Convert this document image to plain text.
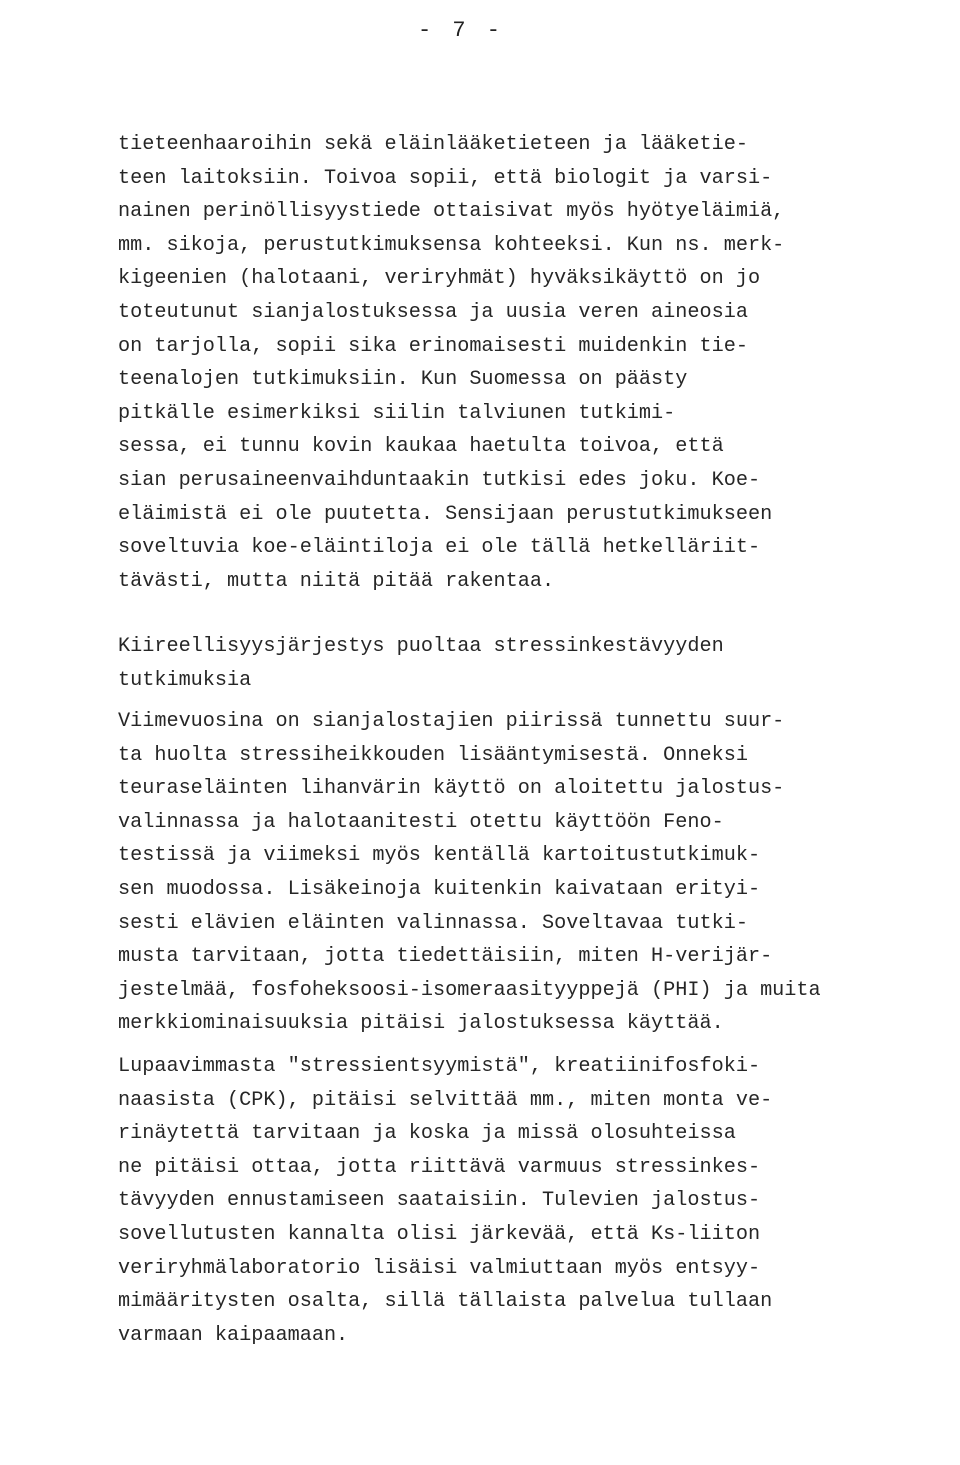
- 7 -
tieteenhaaroihin sekä eläinlääketieteen ja lääketie-
teen laitoksiin. Toivoa sopii, että biologit ja varsi-
nainen perinöllisyystiede ottaisivat myös hyötyeläimiä,
mm. sikoja, perustutkimuksensa kohteeksi. Kun ns. merk-
kigeenien (halotaani, veriryhmät) hyväksikäyttö on jo
toteutunut sianjalostuksessa ja uusia veren aineosia
on tarjolla, sopii sika erinomaisesti muidenkin tie-
teenalojen tutkimuksiin. Kun Suomessa on päästy
pitkälle esimerkiksi siilin talviunen tutkimi-
sessa, ei tunnu kovin kaukaa haetulta toivoa, että
sian perusaineenvaihduntaakin tutkisi edes joku. Koe-
eläimistä ei ole puutetta. Sensijaan perustutkimukseen
soveltuvia koe-eläintiloja ei ole tällä hetkelläriit-
tävästi, mutta niitä pitää rakentaa.
Kiireellisyysjärjestys puoltaa stressinkestävyyden
tutkimuksia
Viimevuosina on sianjalostajien piirissä tunnettu suur-
ta huolta stressiheikkouden lisääntymisestä. Onneksi
teuraseläinten lihanvärin käyttö on aloitettu jalostus-
valinnassa ja halotaanitesti otettu käyttöön Feno-
testissä ja viimeksi myös kentällä kartoitustutkimuk-
sen muodossa. Lisäkeinoja kuitenkin kaivataan erityi-
sesti elävien eläinten valinnassa. Soveltavaa tutki-
musta tarvitaan, jotta tiedettäisiin, miten H-verijär-
jestelmää, fosfoheksoosi-isomeraasityyppejä (PHI) ja muita
merkkiominaisuuksia pitäisi jalostuksessa käyttää.
Lupaavimmasta "stressientsyymistä", kreatiinifosfoki-
naasista (CPK), pitäisi selvittää mm., miten monta ve-
rinäytettä tarvitaan ja koska ja missä olosuhteissa
ne pitäisi ottaa, jotta riittävä varmuus stressinkes-
tävyyden ennustamiseen saataisiin. Tulevien jalostus-
sovellutusten kannalta olisi järkevää, että Ks-liiton
veriryhmälaboratorio lisäisi valmiuttaan myös entsyy-
mimääritysten osalta, sillä tällaista palvelua tullaan
varmaan kaipaamaan.
